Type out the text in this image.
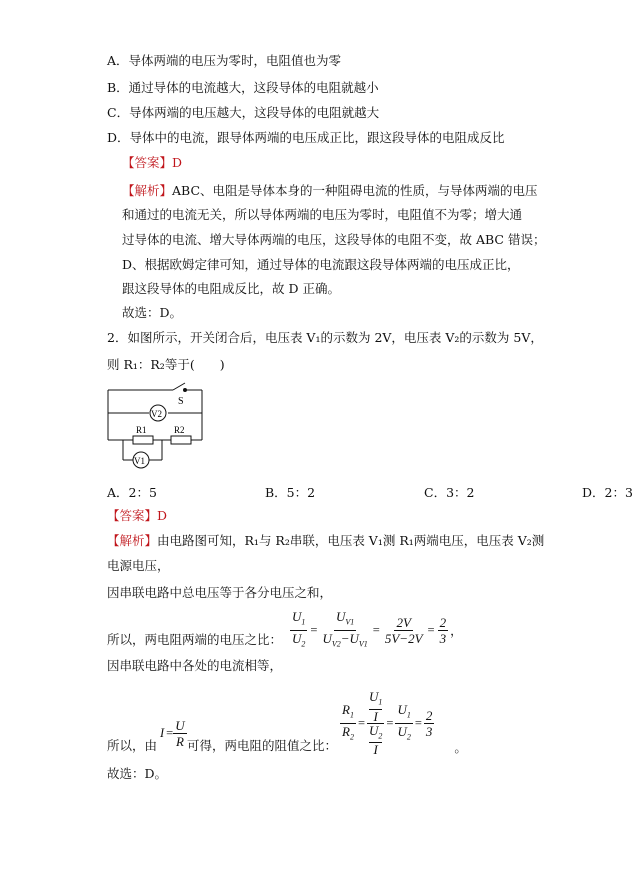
A．导体两端的电压为零时，电阻值也为零
B．通过导体的电流越大，这段导体的电阻就越小
C．导体两端的电压越大，这段导体的电阻就越大
D．导体中的电流，跟导体两端的电压成正比，跟这段导体的电阻成反比
【答案】D
【解析】ABC、电阻是导体本身的一种阻碍电流的性质，与导体两端的电压
和通过的电流无关，所以导体两端的电压为零时，电阻值不为零；增大通
过导体的电流、增大导体两端的电压，这段导体的电阻不变，故 ABC 错误；
D、根据欧姆定律可知，通过导体的电流跟这段导体两端的电压成正比，
跟这段导体的电阻成反比，故 D 正确。
故选：D。
2．如图所示，开关闭合后，电压表 V₁的示数为 2V，电压表 V₂的示数为 5V，
则 R₁：R₂等于(　　)
S
V2
R1	R2
V1
A．2：5	B．5：2	C．3：2	D．2：3
【答案】D
【解析】由电路图可知，R₁与 R₂串联，电压表 V₁测 R₁两端电压，电压表 V₂测
电源电压，
因串联电路中总电压等于各分电压之和，
所以，两电阻两端的电压之比： $\frac{U_1}{U_2} = \frac{U_{V1}}{U_{V2}-U_{V1}} = \frac{2V}{5V-2V} = \frac{2}{3}$ ，
因串联电路中各处的电流相等，
所以，由
$I = \frac{U}{R}$ 可得，两电阻的阻值之比：
$\frac{R_1}{R_2} = U_1$
I
$U_2$
$I = \frac{U_1}{U_2} = \frac{2}{3}$
。
故选：D。
